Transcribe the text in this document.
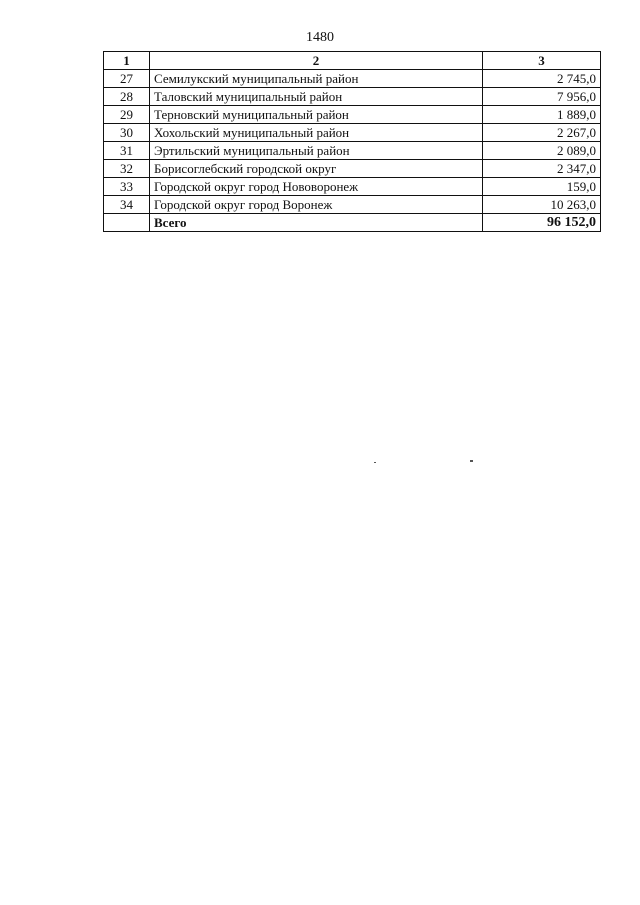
1480
1	2	3
27	Семилукский муниципальный район	2 745,0
28	Таловский муниципальный район	7 956,0
29	Терновский муниципальный район	1 889,0
30	Хохольский муниципальный район	2 267,0
31	Эртильский муниципальный район	2 089,0
32	Борисоглебский городской округ	2 347,0
33	Городской округ город Нововоронеж	159,0
34	Городской округ город Воронеж	10 263,0
	Всего	96 152,0
